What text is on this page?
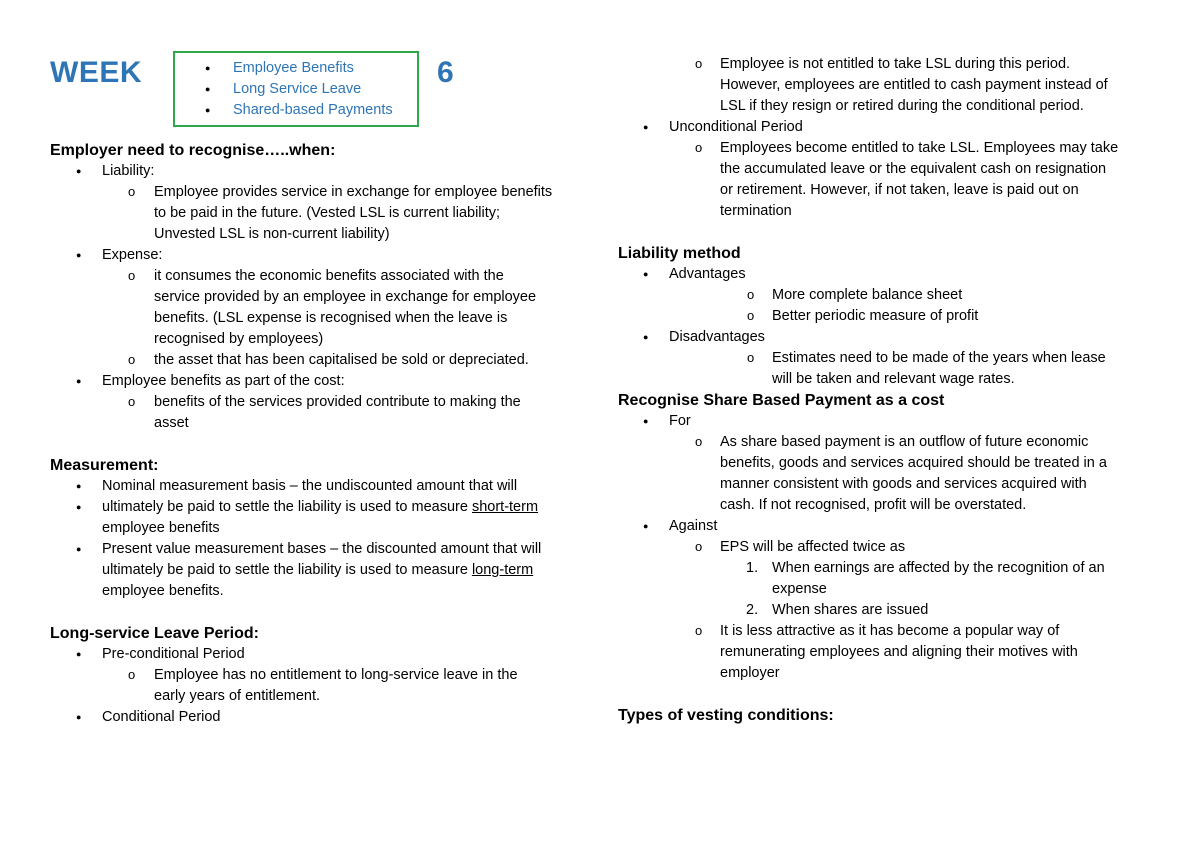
WEEK
●	Employee Benefits
● Long Service Leave
● Shared-based Payments
6
Employer need to recognise…..when:
● Liability:
o Employee provides service in exchange for employee benefits
to be paid in the future. (Vested LSL is current liability;
Unvested LSL is non-current liability)
● Expense:
o it consumes the economic benefits associated with the
service provided by an employee in exchange for employee
benefits. (LSL expense is recognised when the leave is
recognised by employees)
o the asset that has been capitalised be sold or depreciated.
● Employee benefits as part of the cost:
o benefits of the services provided contribute to making the
asset
Measurement:
● Nominal measurement basis – the undiscounted amount that will
● ultimately be paid to settle the liability is used to measure short-term
employee benefits
● Present value measurement bases – the discounted amount that will
ultimately be paid to settle the liability is used to measure long-term
employee benefits.
Long-service Leave Period:
● Pre-conditional Period
o Employee has no entitlement to long-service leave in the
early years of entitlement.
● Conditional Period
o Employee is not entitled to take LSL during this period.
However, employees are entitled to cash payment instead of
LSL if they resign or retired during the conditional period.
● Unconditional Period
o Employees become entitled to take LSL. Employees may take
the accumulated leave or the equivalent cash on resignation
or retirement. However, if not taken, leave is paid out on
termination
Liability method
● Advantages
o More complete balance sheet
o Better periodic measure of profit
● Disadvantages
o Estimates need to be made of the years when lease
will be taken and relevant wage rates.
Recognise Share Based Payment as a cost
● For
o As share based payment is an outflow of future economic
benefits, goods and services acquired should be treated in a
manner consistent with goods and services acquired with
cash. If not recognised, profit will be overstated.
● Against
o EPS will be affected twice as
1. When earnings are affected by the recognition of an
expense
2. When shares are issued
o It is less attractive as it has become a popular way of
remunerating employees and aligning their motives with
employer
Types of vesting conditions:
